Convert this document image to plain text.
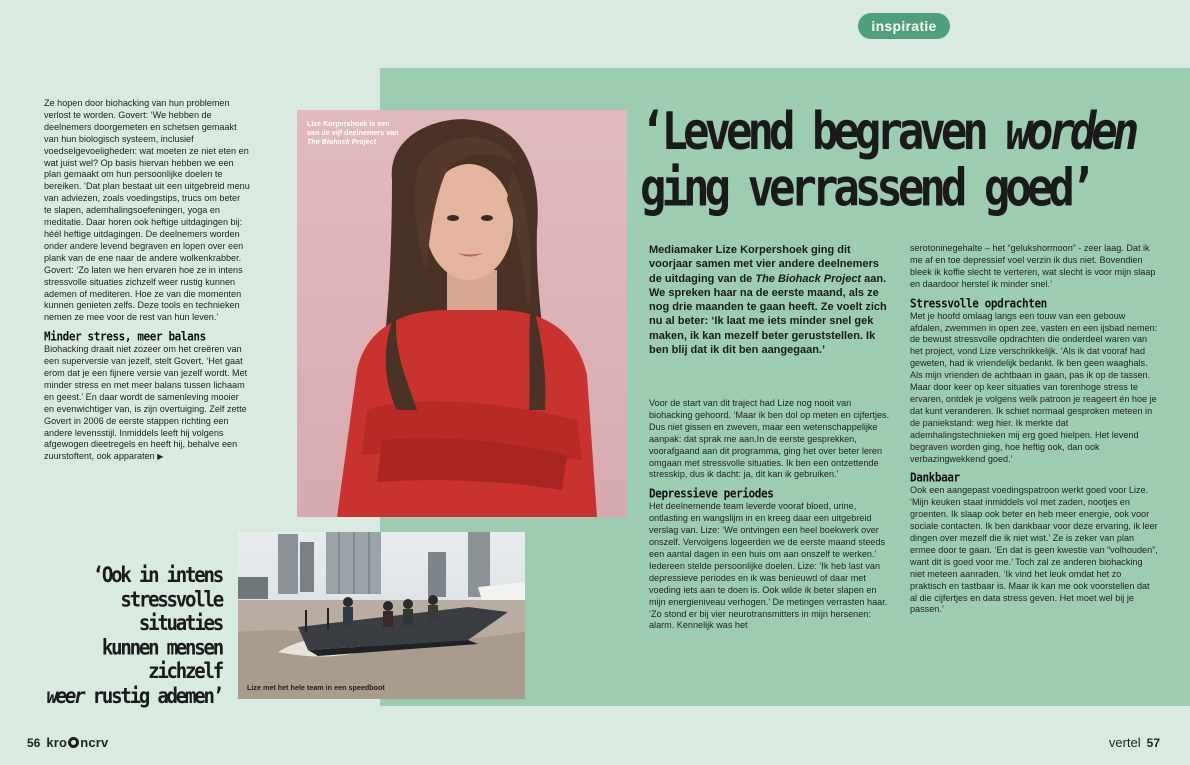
inspiratie

Ze hopen door biohacking van hun problemen verlost te worden. Govert: ‘We hebben de deelnemers doorgemeten en schetsen gemaakt van hun biologisch systeem, inclusief voedselgevoeligheden: wat moeten ze niet eten en wat juist wel? Op basis hiervan hebben we een plan gemaakt om hun persoonlijke doelen te bereiken. ‘Dat plan bestaat uit een uitgebreid menu van adviezen, zoals voedingstips, trucs om beter te slapen, ademhalingsoefeningen, yoga en meditatie. Daar horen ook heftige uitdagingen bij: héél heftige uitdagingen. De deelnemers worden onder andere levend begraven en lopen over een plank van de ene naar de andere wolkenkrabber. Govert: ‘Zo laten we hen ervaren hoe ze in intens stressvolle situaties zichzelf weer rustig kunnen ademen of mediteren. Hoe ze van die momenten kunnen genieten zelfs. Deze tools en technieken nemen ze mee voor de rest van hun leven.’

Minder stress, meer balans

Biohacking draait niet zozeer om het creëren van een superversie van jezelf, stelt Govert. ‘Het gaat erom dat je een fijnere versie van jezelf wordt. Met minder stress en met meer balans tussen lichaam en geest.’ En daar wordt de samenleving mooier en evenwichtiger van, is zijn overtuiging. Zelf zette Govert in 2006 de eerste stappen richting een andere levensstijl. Inmiddels leeft hij volgens afgewogen dieetregels en heeft hij, behalve een zuurstoftent, ook apparaten ▶

Lize Korpershoek is een van de vijf deelnemers van The Biohack Project	‘Levend begraven worden
ging verrassend goed’
Mediamaker Lize Korpershoek ging dit voorjaar samen met vier andere deelnemers de uitdaging van de The Biohack Project aan. We spreken haar na de eerste maand, als ze nog drie maanden te gaan heeft. Ze voelt zich nu al beter: ‘Ik laat me iets minder snel gek maken, ik kan mezelf beter geruststellen. Ik ben blij dat ik dit ben aangegaan.’

Voor de start van dit traject had Lize nog nooit van biohacking gehoord. ‘Maar ik ben dol op meten en cijfertjes. Dus niet gissen en zweven, maar een wetenschappelijke aanpak: dat sprak me aan.In de eerste gesprekken, voorafgaand aan dit programma, ging het over beter leren omgaan met stressvolle situaties. Ik ben een ontzettende stresskip, dus ik dacht: ja, dit kan ik gebruiken.’

Depressieve periodes

Het deelnemende team leverde vooraf bloed, urine, ontlasting en wangslijm in en kreeg daar een uitgebreid verslag van. Lize: ‘We ontvingen een heel boekwerk over onszelf. Vervolgens logeerden we de eerste maand steeds een aantal dagen in een huis om aan onszelf te werken.’ Iedereen stelde persoonlijke doelen. Lize: ‘Ik heb last van depressieve periodes en ik was benieuwd of daar met voeding iets aan te doen is. Ook wilde ik beter slapen en mijn energieniveau verhogen.’ De metingen verrasten haar. ‘Zo stond er bij vier neurotransmitters in mijn hersenen: alarm. Kennelijk was het

serotoninegehalte – het “gelukshormoon” - zeer laag. Dat ik me af en toe depressief voel verzin ik dus niet. Bovendien bleek ik koffie slecht te verteren, wat slecht is voor mijn slaap en daardoor herstel ik minder snel.’

Stressvolle opdrachten

Met je hoofd omlaag langs een touw van een gebouw afdalen, zwemmen in open zee, vasten en een ijsbad nemen: de bewust stressvolle opdrachten die onderdeel waren van het project, vond Lize verschrikkelijk. ‘Als ik dat vooraf had geweten, had ik vriendelijk bedankt. Ik ben geen waaghals. Als mijn vrienden de achtbaan in gaan, pas ik op de tassen. Maar door keer op keer situaties van torenhoge stress te ervaren, ontdek je volgens welk patroon je reageert én hoe je dat kunt veranderen. Ik schiet normaal gesproken meteen in de paniekstand: weg hier. Ik merkte dat ademhalingstechnieken mij erg goed hielpen. Het levend begraven worden ging, hoe heftig ook, dan ook verbazingwekkend goed.’

Dankbaar

Ook een aangepast voedingspatroon werkt goed voor Lize. ‘Mijn keuken staat inmiddels vol met zaden, nootjes en groenten. Ik slaap ook beter en heb meer energie, ook voor sociale contacten. Ik ben dankbaar voor deze ervaring, ik leer dingen over mezelf die ik niet wist.’ Ze is zeker van plan ermee door te gaan. ‘En dat is geen kwestie van “volhouden”, want dit is goed voor me.’ Toch zal ze anderen biohacking niet meteen aanraden. ‘Ik vind het leuk omdat het zo praktisch en tastbaar is. Maar ik kan me ook voorstellen dat al die cijfertjes en data stress geven. Het moet wel bij je passen.’

Lize met het hele team in een speedboot
‘Ook in intens
stressvolle situaties
kunnen mensen zichzelf
weer rustig ademen’
56 kro ncrv	vertel 57
